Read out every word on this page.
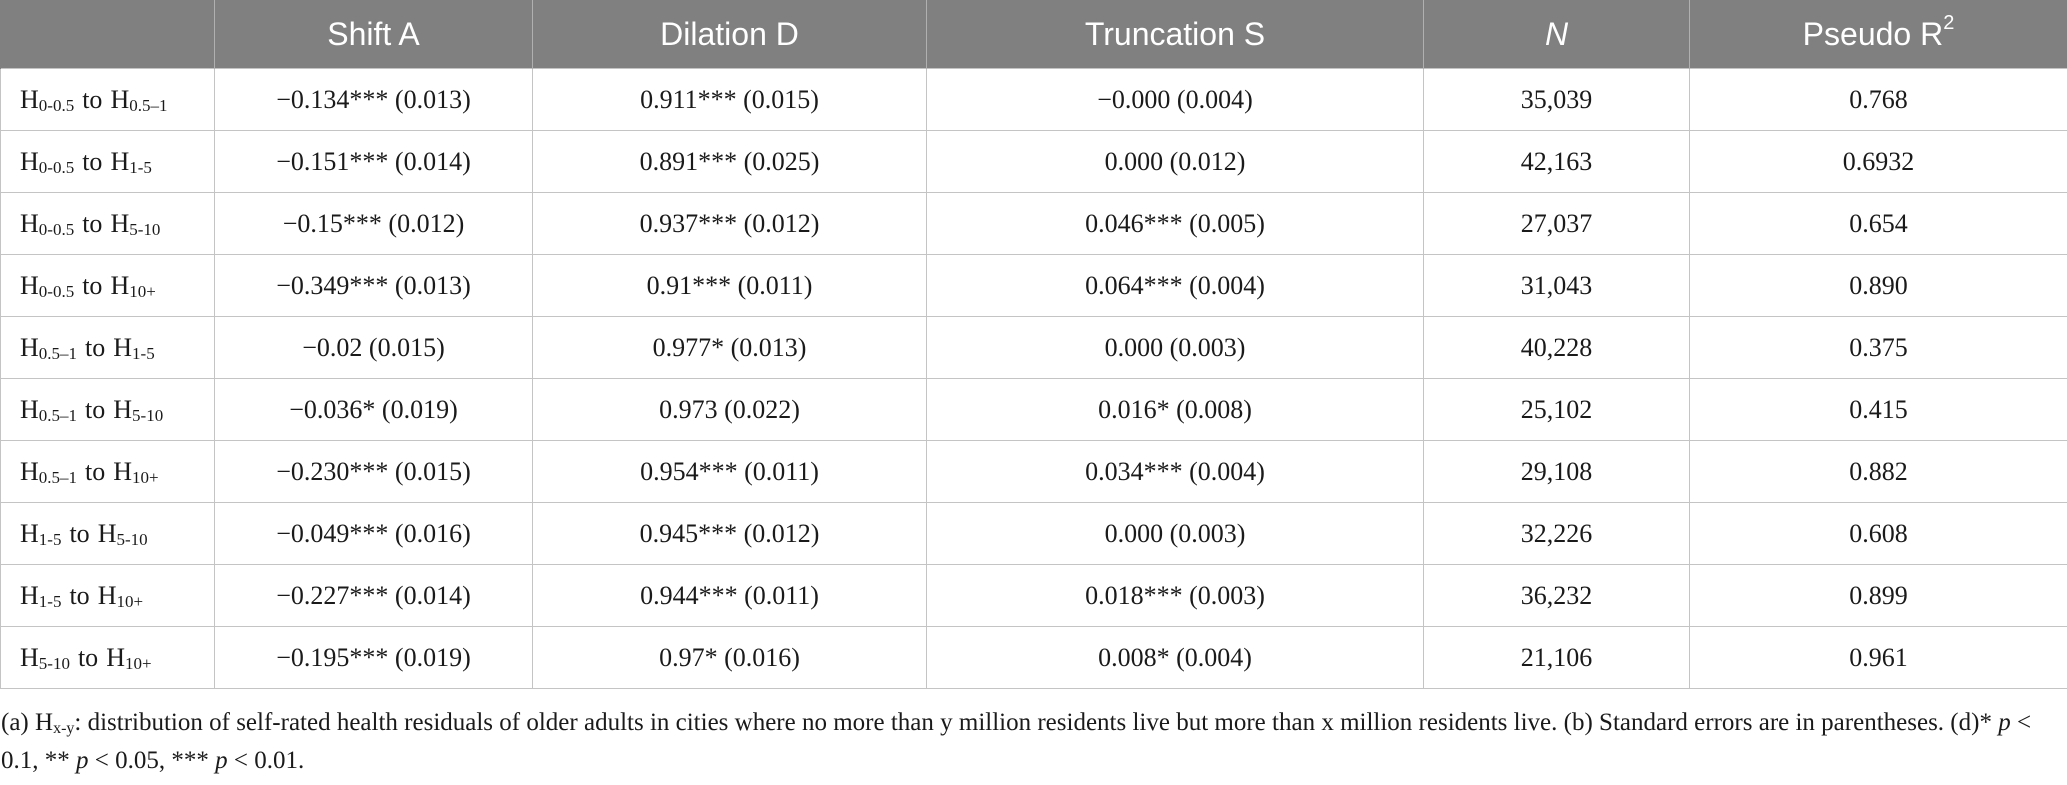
	Shift A	Dilation D	Truncation S	N	Pseudo $R^2$
$H_{0-0.5}$ to $H_{0.5-1}$	−0.134*** (0.013)	0.911*** (0.015)	−0.000 (0.004)	35,039	0.768
$H_{0-0.5}$ to $H_{1-5}$	−0.151*** (0.014)	0.891*** (0.025)	0.000 (0.012)	42,163	0.6932
$H_{0-0.5}$ to $H_{5-10}$	−0.15*** (0.012)	0.937*** (0.012)	0.046*** (0.005)	27,037	0.654
$H_{0-0.5}$ to $H_{10+}$	−0.349*** (0.013)	0.91*** (0.011)	0.064*** (0.004)	31,043	0.890
$H_{0.5-1}$ to $H_{1-5}$	−0.02 (0.015)	0.977* (0.013)	0.000 (0.003)	40,228	0.375
$H_{0.5-1}$ to $H_{5-10}$	−0.036* (0.019)	0.973 (0.022)	0.016* (0.008)	25,102	0.415
$H_{0.5-1}$ to $H_{10+}$	−0.230*** (0.015)	0.954*** (0.011)	0.034*** (0.004)	29,108	0.882
$H_{1-5}$ to $H_{5-10}$	−0.049*** (0.016)	0.945*** (0.012)	0.000 (0.003)	32,226	0.608
$H_{1-5}$ to $H_{10+}$	−0.227*** (0.014)	0.944*** (0.011)	0.018*** (0.003)	36,232	0.899
$H_{5-10}$ to $H_{10+}$	−0.195*** (0.019)	0.97* (0.016)	0.008* (0.004)	21,106	0.961
(a) $H_{x-y}$: distribution of self-rated health residuals of older adults in cities where no more than y million residents live but more than x million residents live. (b) Standard errors are in parentheses. (d)* p < 0.1, ** p < 0.05, *** p < 0.01.
